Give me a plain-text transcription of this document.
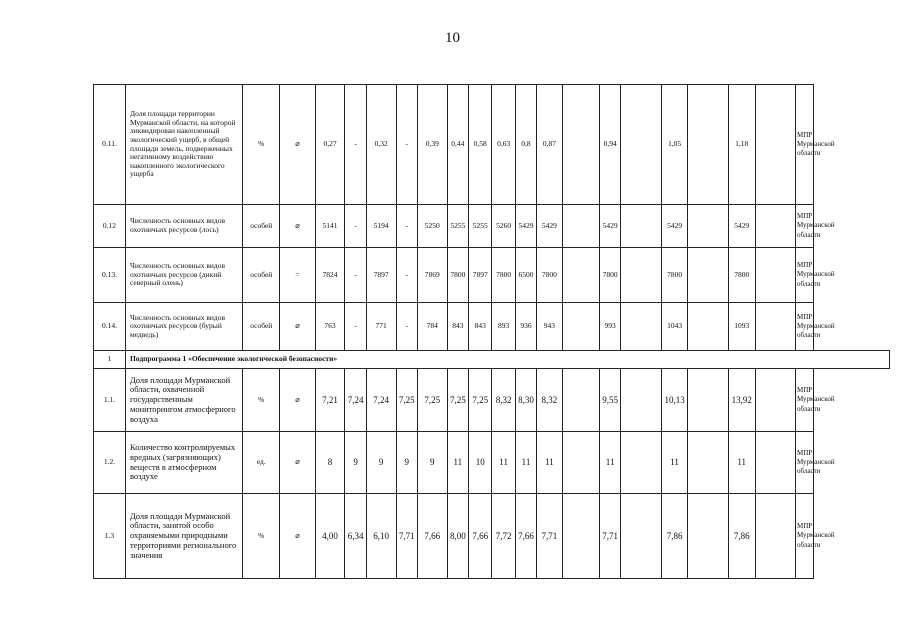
10
0.11.	Доля площади территории Мурманской области, на которой ликвидирован накопленный экологический ущерб, в общей площади земель, подверженных негативному воздействию накопленного экологического ущерба	%	⌀	0,27	-	0,32	-	0,39	0,44	0,58	0,63	0,8	0,87		0,94		1,05		1,18		МПР Мурманской области
0.12	Численность основных видов охотничьих ресурсов (лось)	особей	⌀	5141	-	5194	-	5250	5255	5255	5260	5429	5429		5429		5429		5429		МПР Мурманской области
0.13.	Численность основных видов охотничьих ресурсов (дикий северный олень)	особей	=	7824	-	7897	-	7869	7800	7897	7800	6500	7800		7800		7800		7800		МПР Мурманской области
0.14.	Численность основных видов охотничьих ресурсов (бурый медведь)	особей	⌀	763	-	771	-	784	843	843	893	936	943		993		1043		1093		МПР Мурманской области
1	Подпрограмма 1 «Обеспечение экологической безопасности»																				
1.1.	Доля площади Мурманской области, охваченной государственным мониторингом атмосферного воздуха	%	⌀	7,21	7,24	7,24	7,25	7,25	7,25	7,25	8,32	8,30	8,32		9,55		10,13		13,92		МПР Мурманской области
1.2.	Количество контролируемых вредных (загрязняющих) веществ в атмосферном воздухе	ед.	⌀	8	9	9	9	9	11	10	11	11	11		11		11		11		МПР Мурманской области
1.3	Доля площади Мурманской области, занятой особо охраняемыми природными территориями регионального значения	%	⌀	4,00	6,34	6,10	7,71	7,66	8,00	7,66	7,72	7,66	7,71		7,71		7,86		7,86		МПР Мурманской области
